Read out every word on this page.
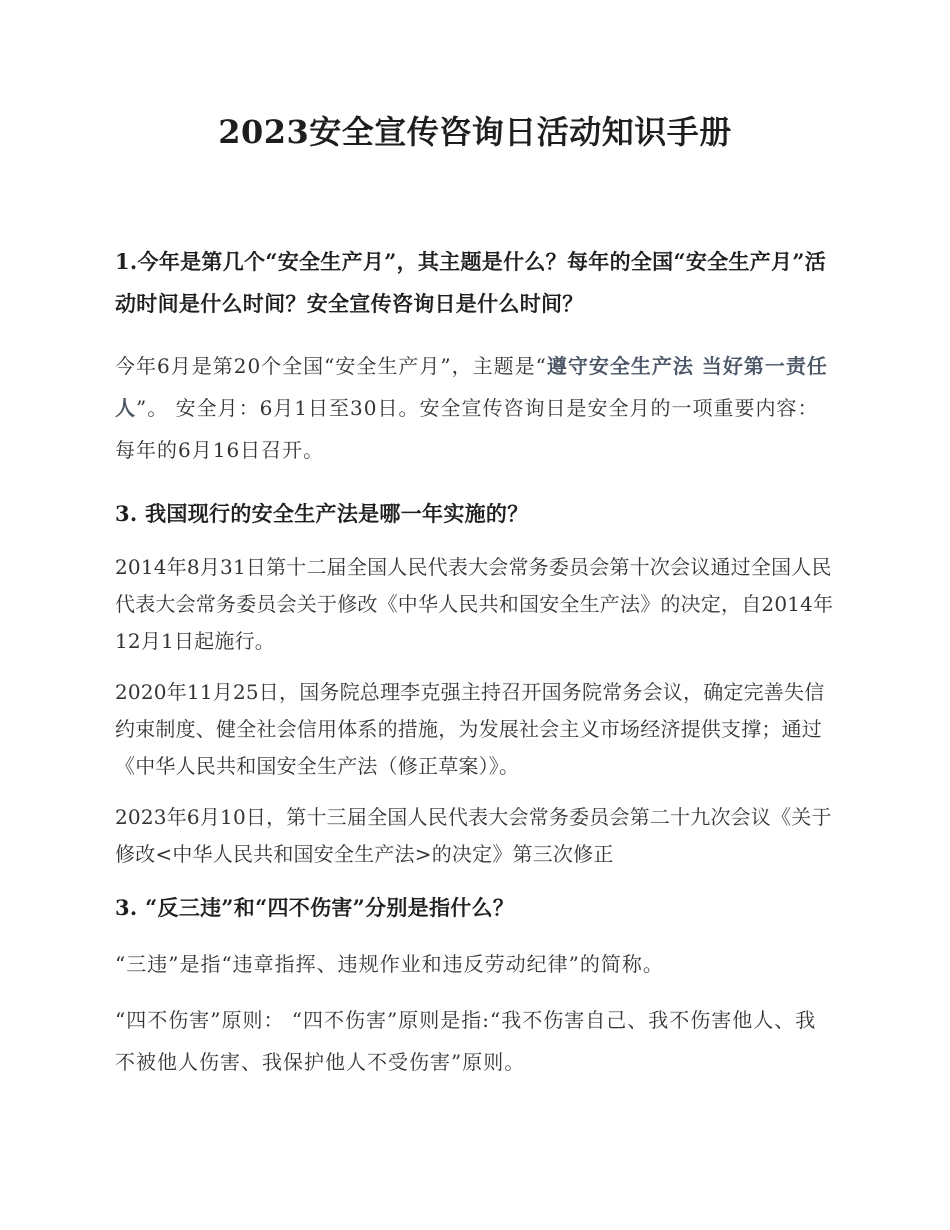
2023安全宣传咨询日活动知识手册

1.今年是第几个“安全生产月”，其主题是什么？每年的全国“安全生产月”活动时间是什么时间？安全宣传咨询日是什么时间？

今年6月是第20个全国“安全生产月”，主题是“遵守安全生产法 当好第一责任人”。 安全月：6月1日至30日。安全宣传咨询日是安全月的一项重要内容：每年的6月16日召开。

3. 我国现行的安全生产法是哪一年实施的？

2014年8月31日第十二届全国人民代表大会常务委员会第十次会议通过全国人民代表大会常务委员会关于修改《中华人民共和国安全生产法》的决定，自2014年12月1日起施行。

2020年11月25日，国务院总理李克强主持召开国务院常务会议，确定完善失信约束制度、健全社会信用体系的措施，为发展社会主义市场经济提供支撑；通过《中华人民共和国安全生产法（修正草案）》。

2023年6月10日，第十三届全国人民代表大会常务委员会第二十九次会议《关于修改<中华人民共和国安全生产法>的决定》第三次修正

3. “反三违”和“四不伤害”分别是指什么？

“三违”是指“违章指挥、违规作业和违反劳动纪律”的简称。

“四不伤害”原则： “四不伤害”原则是指:“我不伤害自己、我不伤害他人、我不被他人伤害、我保护他人不受伤害”原则。
